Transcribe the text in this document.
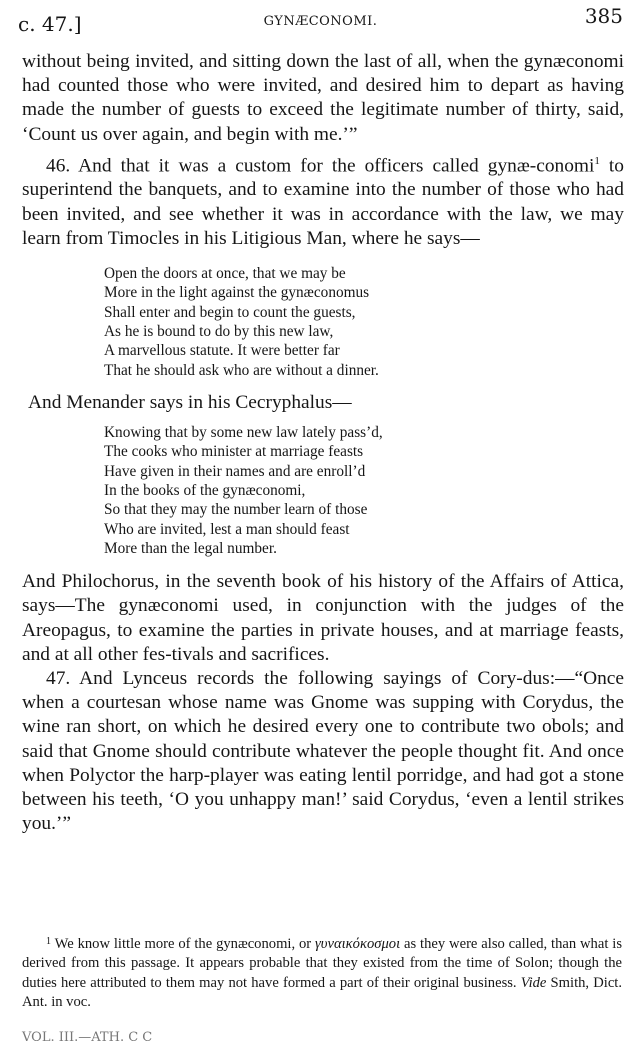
c. 47.]	GYNÆCONOMI.	385

without being invited, and sitting down the last of all, when the gynæconomi had counted those who were invited, and desired him to depart as having made the number of guests to exceed the legitimate number of thirty, said, ‘Count us over again, and begin with me.’”

46. And that it was a custom for the officers called gynæ-conomi$^1$ to superintend the banquets, and to examine into the number of those who had been invited, and see whether it was in accordance with the law, we may learn from Timocles in his Litigious Man, where he says—

Open the doors at once, that we may be
More in the light against the gynæconomus
Shall enter and begin to count the guests,
As he is bound to do by this new law,
A marvellous statute. It were better far
That he should ask who are without a dinner.

And Menander says in his Cecryphalus—

Knowing that by some new law lately pass’d,
The cooks who minister at marriage feasts
Have given in their names and are enroll’d
In the books of the gynæconomi,
So that they may the number learn of those
Who are invited, lest a man should feast
More than the legal number.

And Philochorus, in the seventh book of his history of the Affairs of Attica, says—The gynæconomi used, in conjunction with the judges of the Areopagus, to examine the parties in private houses, and at marriage feasts, and at all other fes-tivals and sacrifices.

47. And Lynceus records the following sayings of Cory-dus:—“Once when a courtesan whose name was Gnome was supping with Corydus, the wine ran short, on which he desired every one to contribute two obols; and said that Gnome should contribute whatever the people thought fit. And once when Polyctor the harp-player was eating lentil porridge, and had got a stone between his teeth, ‘O you unhappy man!’ said Corydus, ‘even a lentil strikes you.’”

$^1$ We know little more of the gynæconomi, or γυναικόκοσμοι as they were also called, than what is derived from this passage. It appears probable that they existed from the time of Solon; though the duties here attributed to them may not have formed a part of their original business. Vide Smith, Dict. Ant. in voc.

VOL. III.—ATH. C C
